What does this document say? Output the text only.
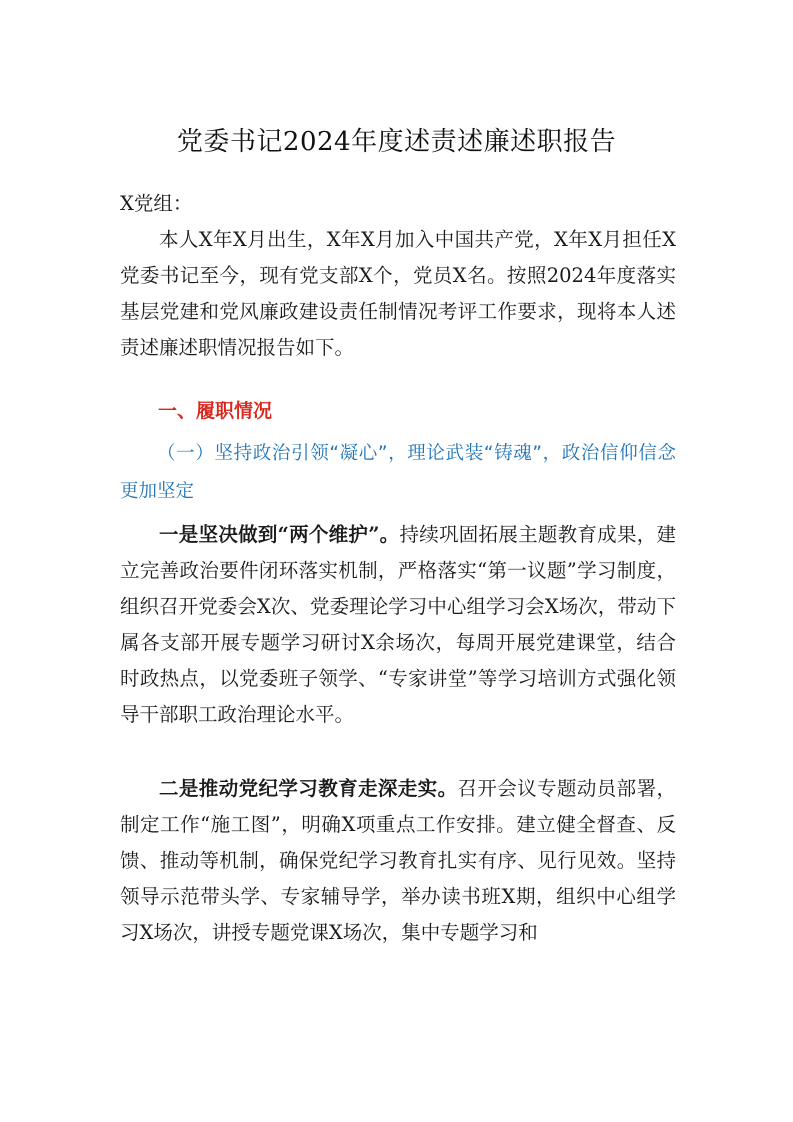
党委书记2024年度述责述廉述职报告
X党组：
本人X年X月出生，X年X月加入中国共产党，X年X月担任X党委书记至今，现有党支部X个，党员X名。按照2024年度落实基层党建和党风廉政建设责任制情况考评工作要求，现将本人述责述廉述职情况报告如下。
一、履职情况
（一）坚持政治引领“凝心”，理论武装“铸魂”，政治信仰信念更加坚定
一是坚决做到“两个维护”。持续巩固拓展主题教育成果，建立完善政治要件闭环落实机制，严格落实“第一议题”学习制度，组织召开党委会X次、党委理论学习中心组学习会X场次，带动下属各支部开展专题学习研讨X余场次，每周开展党建课堂，结合时政热点，以党委班子领学、“专家讲堂”等学习培训方式强化领导干部职工政治理论水平。
二是推动党纪学习教育走深走实。召开会议专题动员部署，制定工作“施工图”，明确X项重点工作安排。建立健全督查、反馈、推动等机制，确保党纪学习教育扎实有序、见行见效。坚持领导示范带头学、专家辅导学，举办读书班X期，组织中心组学习X场次，讲授专题党课X场次，集中专题学习和
